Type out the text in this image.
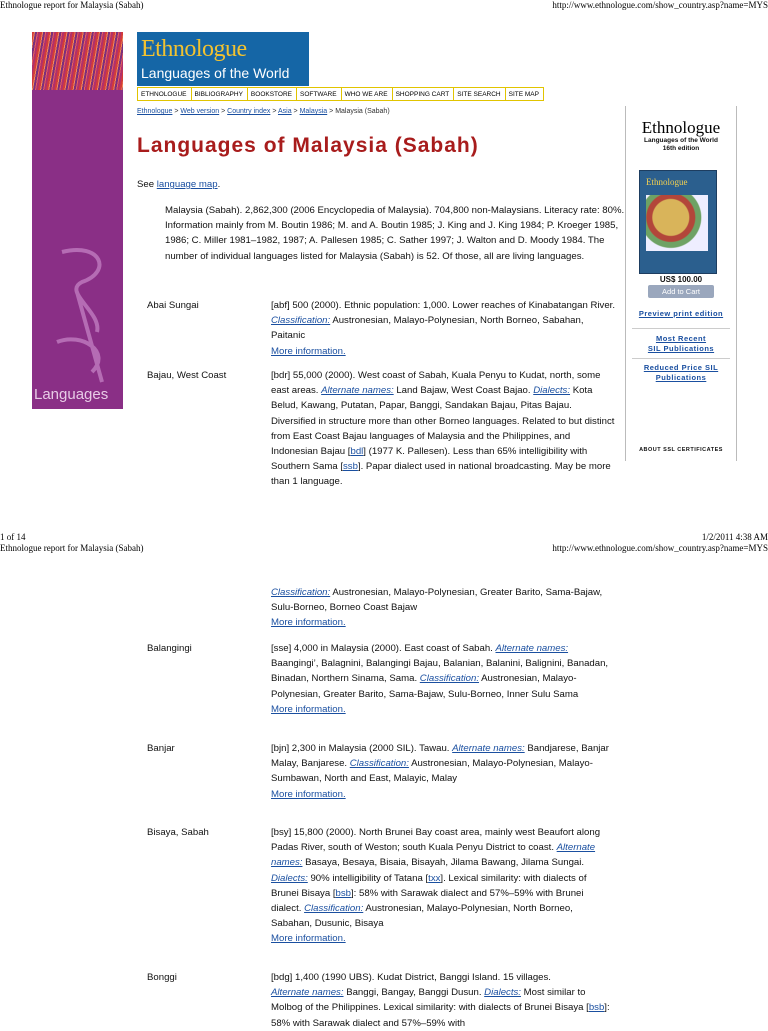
Ethnologue report for Malaysia (Sabah)	http://www.ethnologue.com/show_country.asp?name=MYS
Languages
Ethnologue
Languages of the World
ETHNOLOGUE	BIBLIOGRAPHY	BOOKSTORE	SOFTWARE	WHO WE ARE	SHOPPING CART	SITE SEARCH	SITE MAP
Ethnologue > Web version > Country index > Asia > Malaysia > Malaysia (Sabah)
Languages of Malaysia (Sabah)
See language map.
Malaysia (Sabah). 2,862,300 (2006 Encyclopedia of Malaysia). 704,800 non-Malaysians. Literacy rate: 80%. Information mainly from M. Boutin 1986; M. and A. Boutin 1985; J. King and J. King 1984; P. Kroeger 1985, 1986; C. Miller 1981–1982, 1987; A. Pallesen 1985; C. Sather 1997; J. Walton and D. Moody 1984. The number of individual languages listed for Malaysia (Sabah) is 52. Of those, all are living languages.
Ethnologue
Languages of the World
16th edition
Ethnologue
US$ 100.00
Add to Cart
Preview print edition
Most Recent
SIL Publications
Reduced Price SIL
Publications
ABOUT SSL CERTIFICATES
Abai Sungai	[abf] 500 (2000). Ethnic population: 1,000. Lower reaches of Kinabatangan River. Classification: Austronesian, Malayo-Polynesian, North Borneo, Sabahan, Paitanic
More information.
Bajau, West Coast	[bdr] 55,000 (2000). West coast of Sabah, Kuala Penyu to Kudat, north, some east areas. Alternate names: Land Bajaw, West Coast Bajao. Dialects: Kota Belud, Kawang, Putatan, Papar, Banggi, Sandakan Bajau, Pitas Bajau. Diversified in structure more than other Borneo languages. Related to but distinct from East Coast Bajau languages of Malaysia and the Philippines, and Indonesian Bajau [bdl] (1977 K. Pallesen). Less than 65% intelligibility with Southern Sama [ssb]. Papar dialect used in national broadcasting. May be more than 1 language.
1 of 14	1/2/2011 4:38 AM
Ethnologue report for Malaysia (Sabah)	http://www.ethnologue.com/show_country.asp?name=MYS
Classification: Austronesian, Malayo-Polynesian, Greater Barito, Sama-Bajaw, Sulu-Borneo, Borneo Coast Bajaw
More information.
Balangingi	[sse] 4,000 in Malaysia (2000). East coast of Sabah. Alternate names: Baangingi’, Balagnini, Balangingi Bajau, Balanian, Balanini, Balignini, Banadan, Binadan, Northern Sinama, Sama. Classification: Austronesian, Malayo-Polynesian, Greater Barito, Sama-Bajaw, Sulu-Borneo, Inner Sulu Sama
More information.
Banjar	[bjn] 2,300 in Malaysia (2000 SIL). Tawau. Alternate names: Bandjarese, Banjar Malay, Banjarese. Classification: Austronesian, Malayo-Polynesian, Malayo-Sumbawan, North and East, Malayic, Malay
More information.
Bisaya, Sabah	[bsy] 15,800 (2000). North Brunei Bay coast area, mainly west Beaufort along Padas River, south of Weston; south Kuala Penyu District to coast. Alternate names: Basaya, Besaya, Bisaia, Bisayah, Jilama Bawang, Jilama Sungai. Dialects: 90% intelligibility of Tatana [txx]. Lexical similarity: with dialects of Brunei Bisaya [bsb]: 58% with Sarawak dialect and 57%–59% with Brunei dialect. Classification: Austronesian, Malayo-Polynesian, North Borneo, Sabahan, Dusunic, Bisaya
More information.
Bonggi	[bdg] 1,400 (1990 UBS). Kudat District, Banggi Island. 15 villages.
Alternate names: Banggi, Bangay, Banggi Dusun. Dialects: Most similar to Molbog of the Philippines. Lexical similarity: with dialects of Brunei Bisaya [bsb]: 58% with Sarawak dialect and 57%–59% with
